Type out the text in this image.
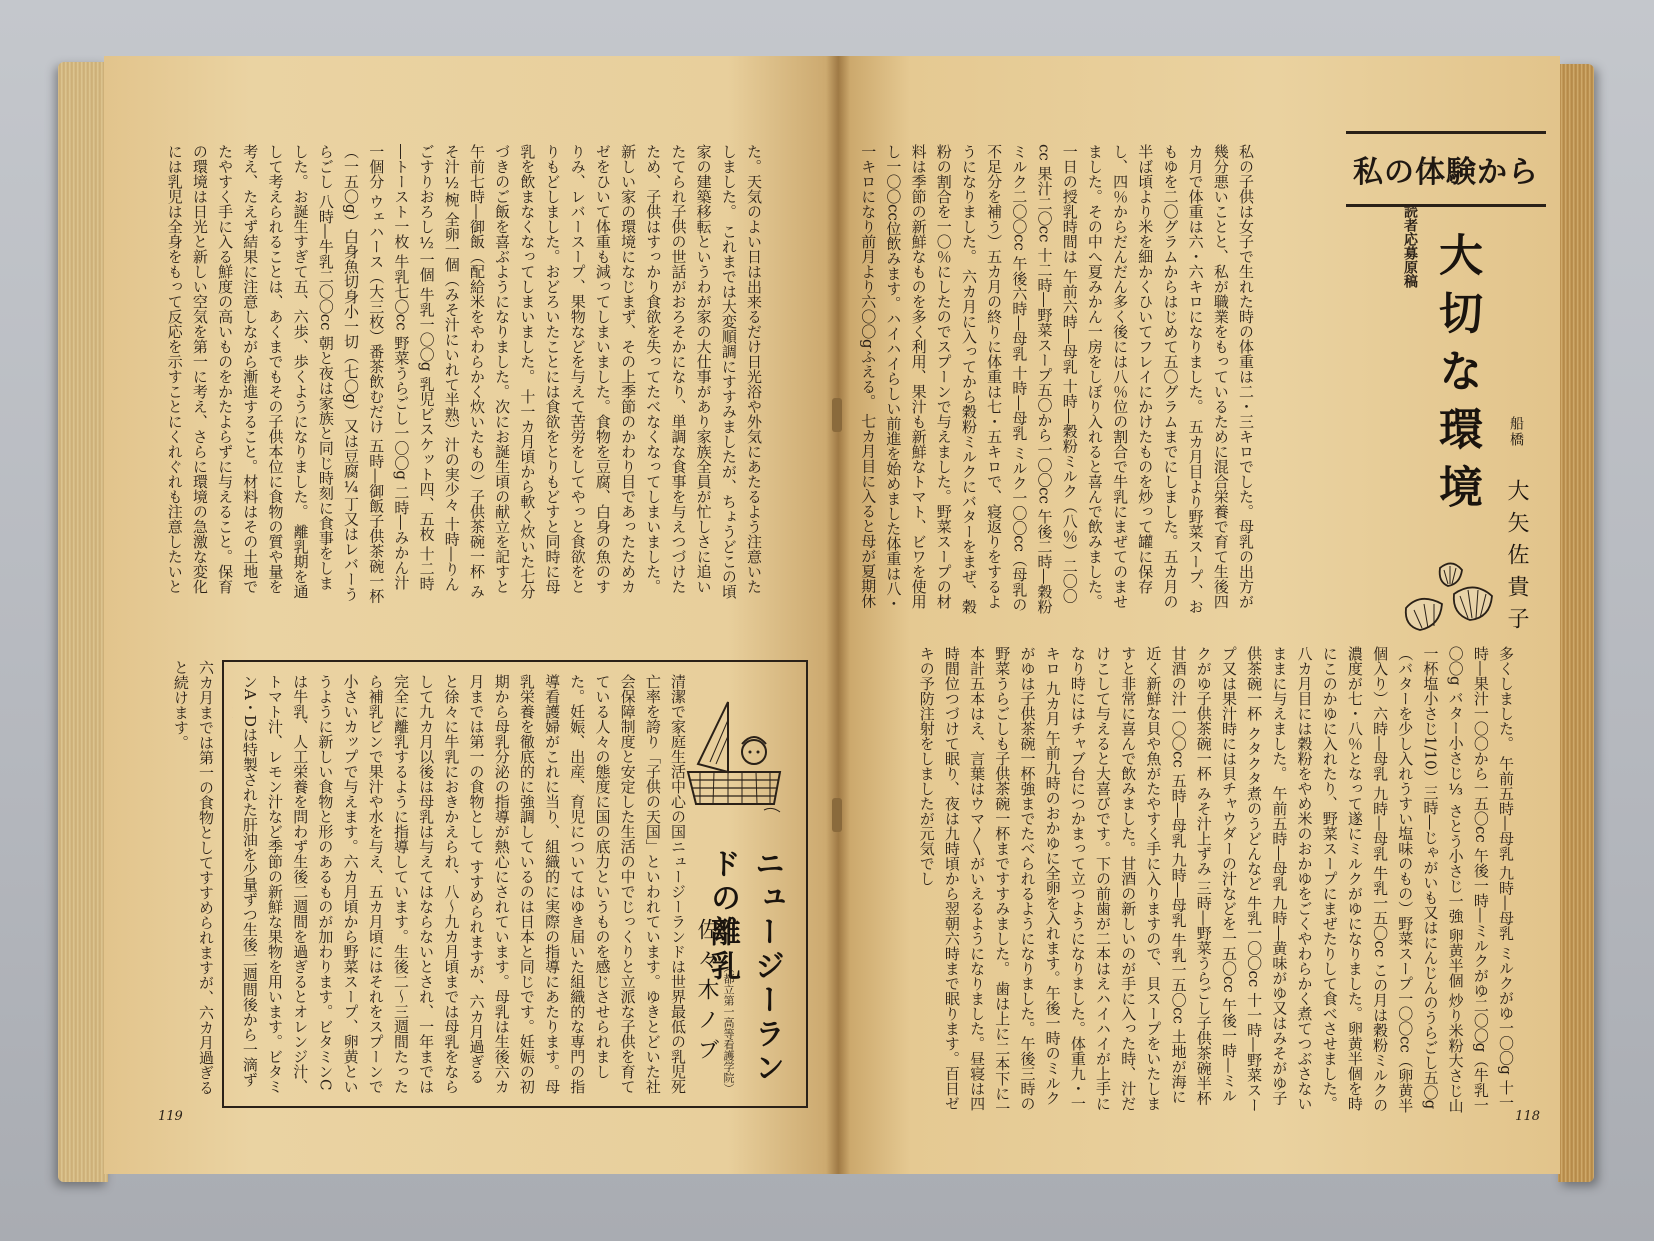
た。天気のよい日は出来るだけ日光浴や外気にあたるよう注意いたしました。 これまでは大変順調にすすみましたが、ちょうどこの頃家の建築移転というわが家の大仕事があり家族全員が忙しさに追いたてられ子供の世話がおろそかになり、単調な食事を与えつづけたため、子供はすっかり食欲を失ってたべなくなってしまいました。新しい家の環境になじまず、その上季節のかわり目であったためカゼをひいて体重も減ってしまいました。食物を豆腐、白身の魚のすりみ、レバースープ、果物などを与えて苦労をしてやっと食欲をとりもどしました。おどろいたことには食欲をとりもどすと同時に母乳を飲まなくなってしまいました。 十一カ月頃から軟く炊いた七分づきのご飯を喜ぶようになりました。次にお誕生頃の献立を記すと 午前七時―御飯（配給米をやわらかく炊いたもの）子供茶碗一杯 みそ汁½椀 全卵一個（みそ汁にいれて半熟）汁の実少々 十時―りんごすりおろし½一個 牛乳一〇〇g 乳児ビスケット四、五枚 十二時―トースト一枚 牛乳七〇cc 野菜うらごし一〇〇g 二時―みかん汁一個分 ウェハース（大三枚）番茶飲むだけ 五時―御飯子供茶碗一杯（一五〇g）白身魚切身小一切（七〇g）又は豆腐¼丁又はレバーうらごし 八時―牛乳二〇〇cc 朝と夜は家族と同じ時刻に食事をしました。お誕生すぎて五、六歩、歩くようになりました。 離乳期を通して考えられることは、あくまでもその子供本位に食物の質や量を考え、たえず結果に注意しながら漸進すること。材料はその土地でたやすく手に入る鮮度の高いものをかたよらずに与えること。保育の環境は日光と新しい空気を第一に考え、さらに環境の急激な変化には乳児は全身をもって反応を示すことにくれぐれも注意したいと
六カ月までは第一の食物としてすすめられますが、六カ月過ぎると続けます。	清潔で家庭生活中心の国ニュージーランドは世界最低の乳児死亡率を誇り「子供の天国」といわれています。ゆきとどいた社会保障制度と安定した生活の中でじっくりと立派な子供を育てている人々の態度に国の底力というものを感じさせられました。妊娠、出産、育児についてはゆき届いた組織的な専門の指導看護婦がこれに当り、組織的に実際の指導にあたります。母乳栄養を徹底的に強調しているのは日本と同じです。妊娠の初期から母乳分泌の指導が熱心にされています。母乳は生後六カ月までは第一の食物として すすめられますが、六カ月過ぎると徐々に牛乳におきかえられ、八〜九カ月頃までは母乳をならして九カ月以後は母乳は与えてはならないとされ、一年までは完全に離乳するように指導しています。生後二〜三週間たったら補乳ビンで果汁や水を与え、五カ月頃にはそれをスプーンで小さいカップで与えます。六カ月頃から野菜スープ、卵黄というように新しい食物と形のあるものが加わります。ビタミンCは牛乳、人工栄養を問わず生後二週間を過ぎるとオレンジ汁、トマト汁、レモン汁など季節の新鮮な果物を用います。ビタミンA・Dは特製された肝油を少量ずつ生後二週間後から一滴ず	ニュージーランドの離乳
佐々木ノブ （都立第一高等看護学院）
119
私の子供は女子で生れた時の体重は二・三キロでした。母乳の出方が幾分悪いことと、私が職業をもっているために混合栄養で育て生後四カ月で体重は六・六キロになりました。 五カ月目より野菜スープ、おもゆを二〇グラムからはじめて五〇グラムまでにしました。五カ月の半ば頃より米を細かくひいてフレイにかけたものを炒って罐に保存し、四％からだんだん多く後には八％位の割合で牛乳にまぜてのませました。その中へ夏みかん一房をしぼり入れると喜んで飲みました。一日の授乳時間は 午前六時―母乳 十時―穀粉ミルク（八％）二〇〇cc 果汁二〇cc 十二時―野菜スープ五〇から一〇〇cc 午後二時―穀粉ミルク二〇〇cc 午後六時―母乳 十時―母乳 ミルク一〇〇cc（母乳の不足分を補う）五カ月の終りに体重は七・五キロで、寝返りをするようになりました。 六カ月に入ってから穀粉ミルクにバターをまぜ、穀粉の割合を一〇％にしたのでスプーンで与えました。野菜スープの材料は季節の新鮮なものを多く利用、果汁も新鮮なトマト、ビワを使用し一〇〇cc位飲みます。ハイハイらしい前進を始めました体重は八・一キロになり前月より六〇〇gふえる。 七カ月目に入ると母が夏期休
私の体験から
読者応募原稿 大切な環境	船橋 大矢佐貴子
多くしました。 午前五時―母乳 九時―母乳 ミルクがゆ一〇〇g 十一時―果汁一〇〇から一五〇cc 午後一時―ミルクがゆ二〇〇g（牛乳一〇〇g バター小さじ⅓ さとう小さじ一強 卵黄半個 炒り米粉大さじ山一杯塩小さじ1/10）三時―じゃがいも又はにんじんのうらごし五〇g（バターを少し入れうすい塩味のもの）野菜スープ一〇〇cc（卵黄半個入り）六時―母乳 九時―母乳 牛乳一五〇cc この月は穀粉ミルクの濃度が七・八％となって遂にミルクがゆになりました。卵黄半個を時にこのかゆに入れたり、野菜スープにまぜたりして食べさせました。 八カ月目には穀粉をやめ米のおかゆをごくやわらかく煮てつぶさないままに与えました。 午前五時―母乳 九時―黄味がゆ又はみそがゆ子供茶碗一杯 クタクタ煮のうどんなど 牛乳一〇〇cc 十一時―野菜スープ又は果汁時には貝チャウダーの汁などを一五〇cc 午後一時―ミルクがゆ子供茶碗一杯 みそ汁上ずみ 三時―野菜うらごし子供茶碗半杯 甘酒の汁一〇〇cc 五時―母乳 九時―母乳 牛乳一五〇cc 土地が海に近く新鮮な貝や魚がたやすく手に入りますので、貝スープをいたしますと非常に喜んで飲みました。甘酒の新しいのが手に入った時、汁だけこして与えると大喜びです。下の前歯が二本はえハイハイが上手になり時にはチャブ台につかまって立つようになりました。体重九・一キロ 九カ月 午前九時のおかゆに全卵を入れます。午後一時のミルクがゆは子供茶碗一杯強までたべられるようになりました。午後三時の野菜うらごしも子供茶碗一杯まですすみました。 歯は上に二本下に一本計五本はえ、言葉はウマ〳〵がいえるようになりました。昼寝は四時間位つづけて眠り、夜は九時頃から翌朝六時まで眠ります。百日ゼキの予防注射をしましたが元気でし
118
